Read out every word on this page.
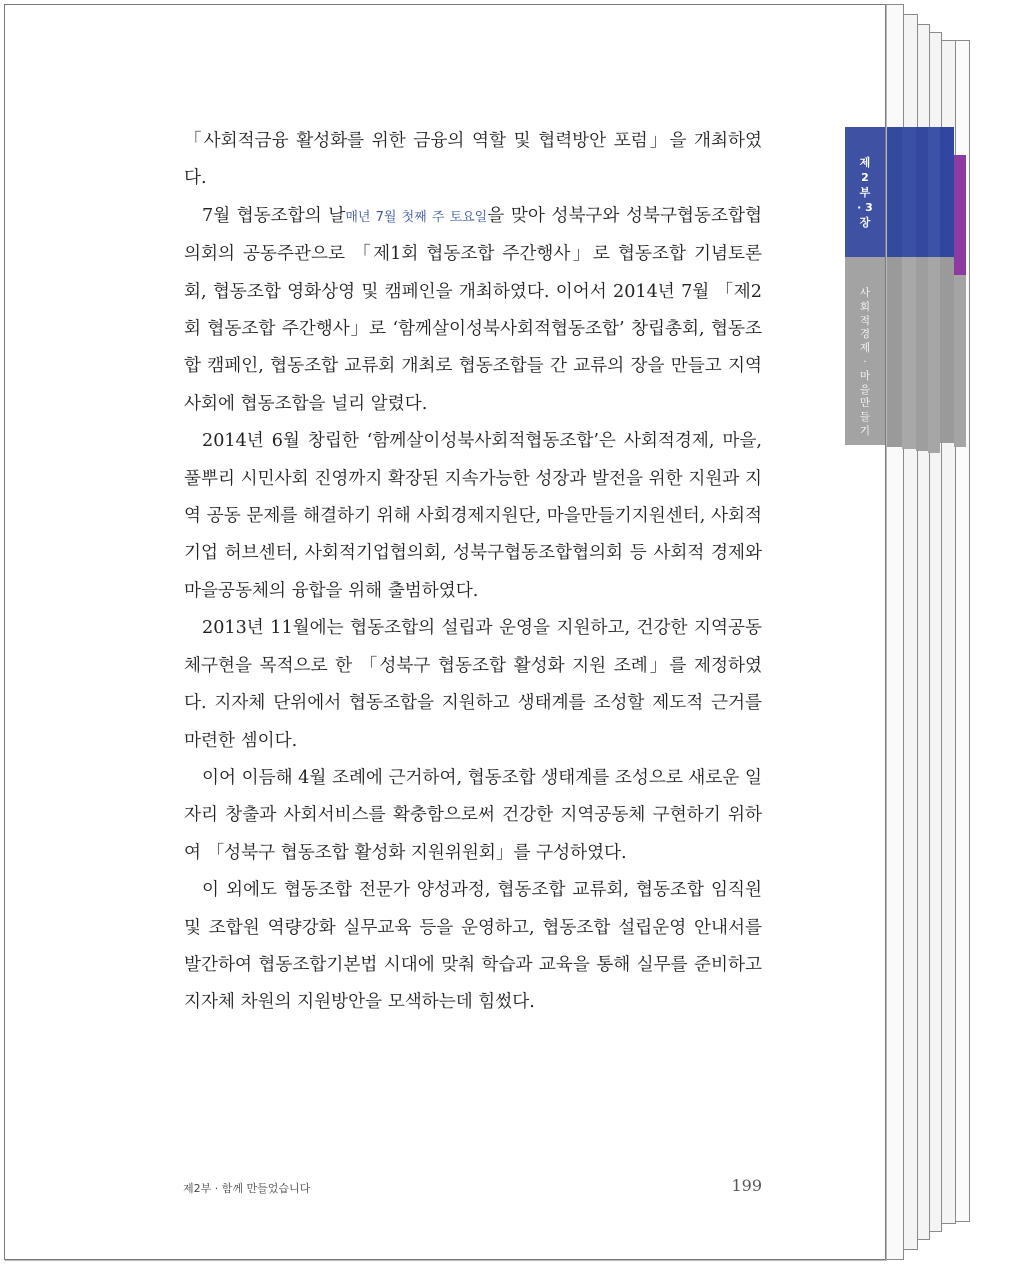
제2부 · 3장
사회적경제 · 마을만들기

「사회적금융 활성화를 위한 금융의 역할 및 협력방안 포럼」을 개최하였다.

7월 협동조합의 날매년 7월 첫째 주 토요일을 맞아 성북구와 성북구협동조합협의회의 공동주관으로 「제1회 협동조합 주간행사」로 협동조합 기념토론회, 협동조합 영화상영 및 캠페인을 개최하였다. 이어서 2014년 7월 「제2회 협동조합 주간행사」로 ‘함께살이성북사회적협동조합’ 창립총회, 협동조합 캠페인, 협동조합 교류회 개최로 협동조합들 간 교류의 장을 만들고 지역사회에 협동조합을 널리 알렸다.

2014년 6월 창립한 ‘함께살이성북사회적협동조합’은 사회적경제, 마을, 풀뿌리 시민사회 진영까지 확장된 지속가능한 성장과 발전을 위한 지원과 지역 공동 문제를 해결하기 위해 사회경제지원단, 마을만들기지원센터, 사회적기업 허브센터, 사회적기업협의회, 성북구협동조합협의회 등 사회적 경제와 마을공동체의 융합을 위해 출범하였다.

2013년 11월에는 협동조합의 설립과 운영을 지원하고, 건강한 지역공동체구현을 목적으로 한 「성북구 협동조합 활성화 지원 조례」를 제정하였다. 지자체 단위에서 협동조합을 지원하고 생태계를 조성할 제도적 근거를 마련한 셈이다.

이어 이듬해 4월 조례에 근거하여, 협동조합 생태계를 조성으로 새로운 일자리 창출과 사회서비스를 확충함으로써 건강한 지역공동체 구현하기 위하여 「성북구 협동조합 활성화 지원위원회」를 구성하였다.

이 외에도 협동조합 전문가 양성과정, 협동조합 교류회, 협동조합 임직원 및 조합원 역량강화 실무교육 등을 운영하고, 협동조합 설립운영 안내서를 발간하여 협동조합기본법 시대에 맞춰 학습과 교육을 통해 실무를 준비하고 지자체 차원의 지원방안을 모색하는데 힘썼다.

제2부 · 함께 만들었습니다	199
